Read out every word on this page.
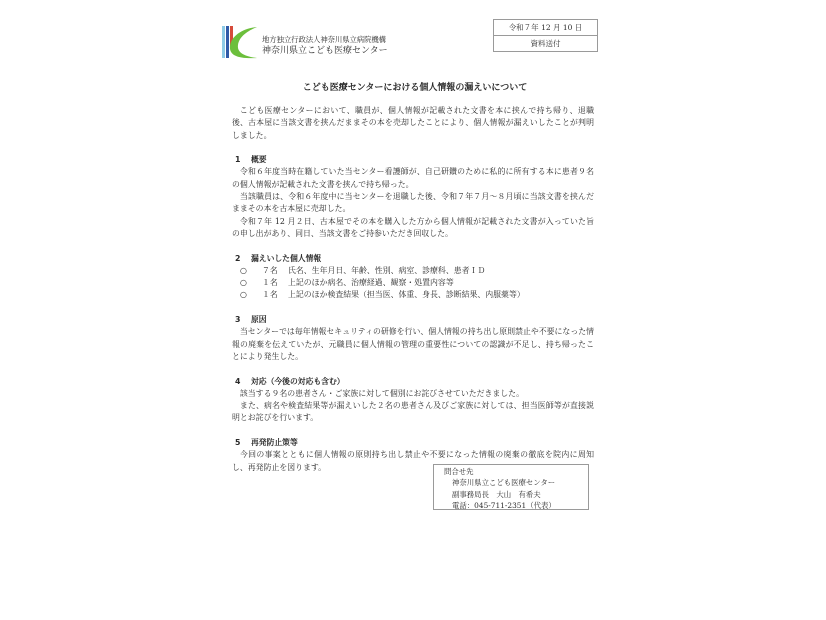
地方独立行政法人神奈川県立病院機構
神奈川県立こども医療センター
令和７年 12 月 10 日
資料送付
こども医療センターにおける個人情報の漏えいについて

こども医療センターにおいて、職員が、個人情報が記載された文書を本に挟んで持ち帰り、退職後、古本屋に当該文書を挟んだままその本を売却したことにより、個人情報が漏えいしたことが判明しました。

1 概要

令和６年度当時在籍していた当センター看護師が、自己研鑽のために私的に所有する本に患者９名の個人情報が記載された文書を挟んで持ち帰った。

当該職員は、令和６年度中に当センターを退職した後、令和７年７月～８月頃に当該文書を挟んだままその本を古本屋に売却した。

令和７年 12 月２日、古本屋でその本を購入した方から個人情報が記載された文書が入っていた旨の申し出があり、同日、当該文書をご持参いただき回収した。

2 漏えいした個人情報
○ ７名 氏名、生年月日、年齢、性別、病室、診療科、患者ＩＤ
○ １名 上記のほか病名、治療経過、観察・処置内容等
○ １名 上記のほか検査結果（担当医、体重、身長、診断結果、内服薬等）
3 原因

当センターでは毎年情報セキュリティの研修を行い、個人情報の持ち出し原則禁止や不要になった情報の廃棄を伝えていたが、元職員に個人情報の管理の重要性についての認識が不足し、持ち帰ったことにより発生した。

4 対応（今後の対応も含む）

該当する９名の患者さん・ご家族に対して個別にお詫びさせていただきました。

また、病名や検査結果等が漏えいした２名の患者さん及びご家族に対しては、担当医師等が直接説明とお詫びを行います。

5 再発防止策等

今回の事案とともに個人情報の原則持ち出し禁止や不要になった情報の廃棄の徹底を院内に周知し、再発防止を図ります。	問合せ先
神奈川県立こども医療センター
副事務局長　大山　有希夫
電話：045-711-2351（代表）
